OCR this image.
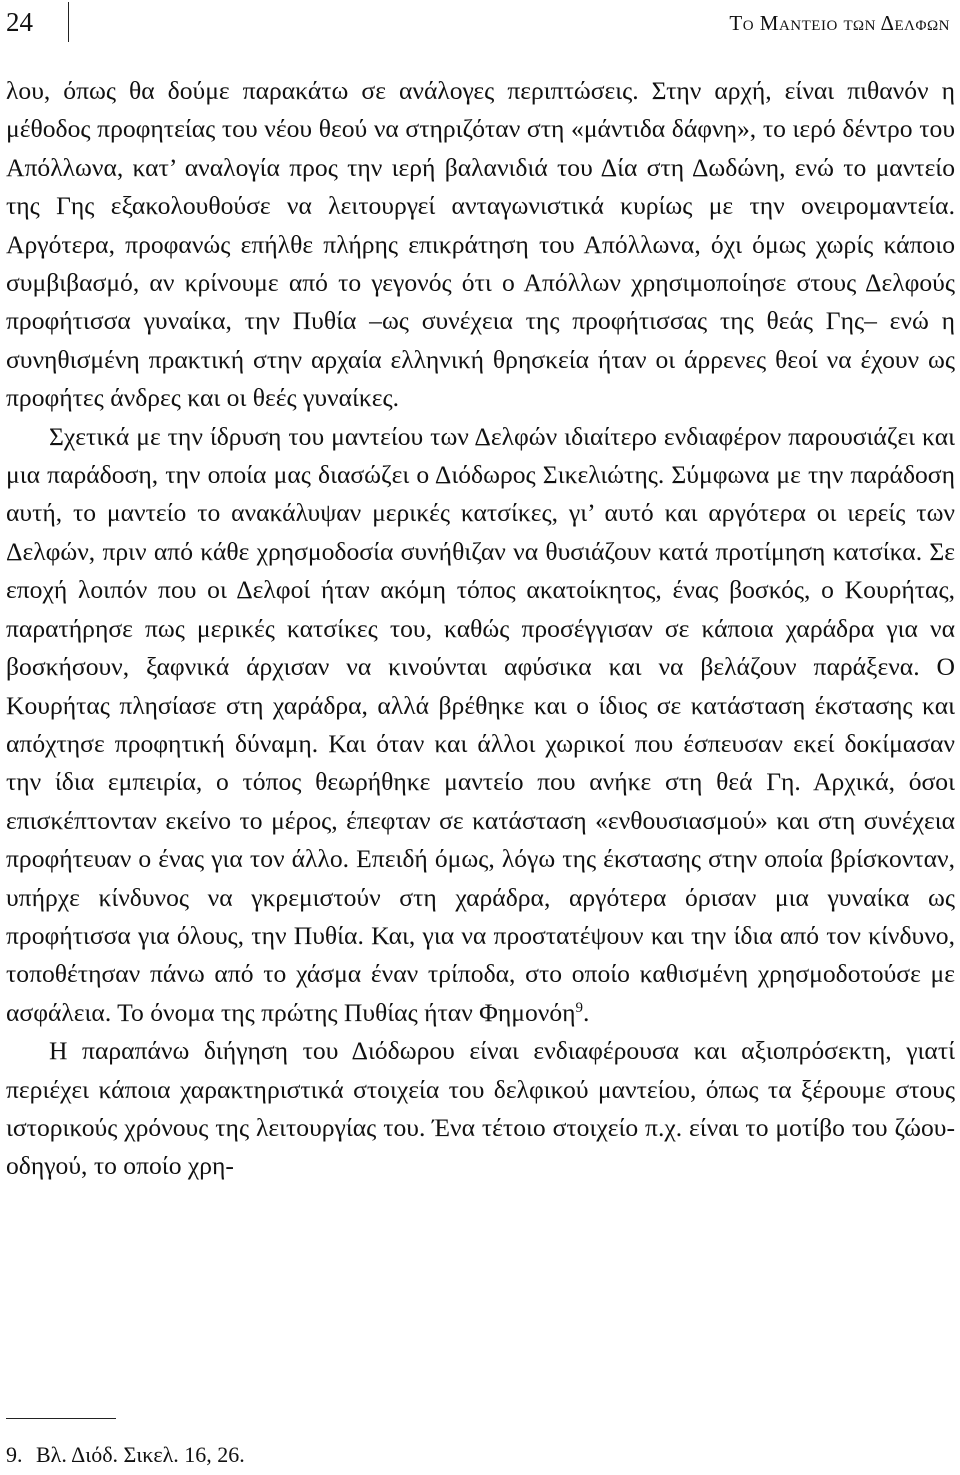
24	Το Μαντειο των Δελφων

λου, όπως θα δούμε παρακάτω σε ανάλογες περιπτώσεις. Στην αρχή, είναι πιθανόν η μέθοδος προφητείας του νέου θεού να στηριζόταν στη «μάντιδα δάφνη», το ιερό δέντρο του Απόλλωνα, κατ’ αναλογία προς την ιερή βαλανιδιά του Δία στη Δωδώνη, ενώ το μαντείο της Γης εξακολουθούσε να λειτουργεί ανταγωνιστικά κυρίως με την ονειρομαντεία. Αργότερα, προφανώς επήλθε πλήρης επικράτηση του Απόλλωνα, όχι όμως χωρίς κάποιο συμβιβασμό, αν κρίνουμε από το γεγονός ότι ο Απόλλων χρησιμοποίησε στους Δελφούς προφήτισσα γυναίκα, την Πυθία –ως συνέχεια της προφήτισσας της θεάς Γης– ενώ η συνηθισμένη πρακτική στην αρχαία ελληνική θρησκεία ήταν οι άρρενες θεοί να έχουν ως προφήτες άνδρες και οι θεές γυναίκες.

Σχετικά με την ίδρυση του μαντείου των Δελφών ιδιαίτερο ενδιαφέρον παρουσιάζει και μια παράδοση, την οποία μας διασώζει ο Διόδωρος Σικελιώτης. Σύμφωνα με την παράδοση αυτή, το μαντείο το ανακάλυψαν μερικές κατσίκες, γι’ αυτό και αργότερα οι ιερείς των Δελφών, πριν από κάθε χρησμοδοσία συνήθιζαν να θυσιάζουν κατά προτίμηση κατσίκα. Σε εποχή λοιπόν που οι Δελφοί ήταν ακόμη τόπος ακατοίκητος, ένας βοσκός, ο Κουρήτας, παρατήρησε πως μερικές κατσίκες του, καθώς προσέγγισαν σε κάποια χαράδρα για να βοσκήσουν, ξαφνικά άρχισαν να κινούνται αφύσικα και να βελάζουν παράξενα. Ο Κουρήτας πλησίασε στη χαράδρα, αλλά βρέθηκε και ο ίδιος σε κατάσταση έκστασης και απόχτησε προφητική δύναμη. Και όταν και άλλοι χωρικοί που έσπευσαν εκεί δοκίμασαν την ίδια εμπειρία, ο τόπος θεωρήθηκε μαντείο που ανήκε στη θεά Γη. Αρχικά, όσοι επισκέπτονταν εκείνο το μέρος, έπεφταν σε κατάσταση «ενθουσιασμού» και στη συνέχεια προφήτευαν ο ένας για τον άλλο. Επειδή όμως, λόγω της έκστασης στην οποία βρίσκονταν, υπήρχε κίνδυνος να γκρεμιστούν στη χαράδρα, αργότερα όρισαν μια γυναίκα ως προφήτισσα για όλους, την Πυθία. Και, για να προστατέψουν και την ίδια από τον κίνδυνο, τοποθέτησαν πάνω από το χάσμα έναν τρίποδα, στο οποίο καθισμένη χρησμοδοτούσε με ασφάλεια. Το όνομα της πρώτης Πυθίας ήταν Φημονόη$^9$.

Η παραπάνω διήγηση του Διόδωρου είναι ενδιαφέρουσα και αξιοπρόσεκτη, γιατί περιέχει κάποια χαρακτηριστικά στοιχεία του δελφικού μαντείου, όπως τα ξέρουμε στους ιστορικούς χρόνους της λειτουργίας του. Ένα τέτοιο στοιχείο π.χ. είναι το μοτίβο του ζώου-οδηγού, το οποίο χρη-

9. Βλ. Διόδ. Σικελ. 16, 26.
